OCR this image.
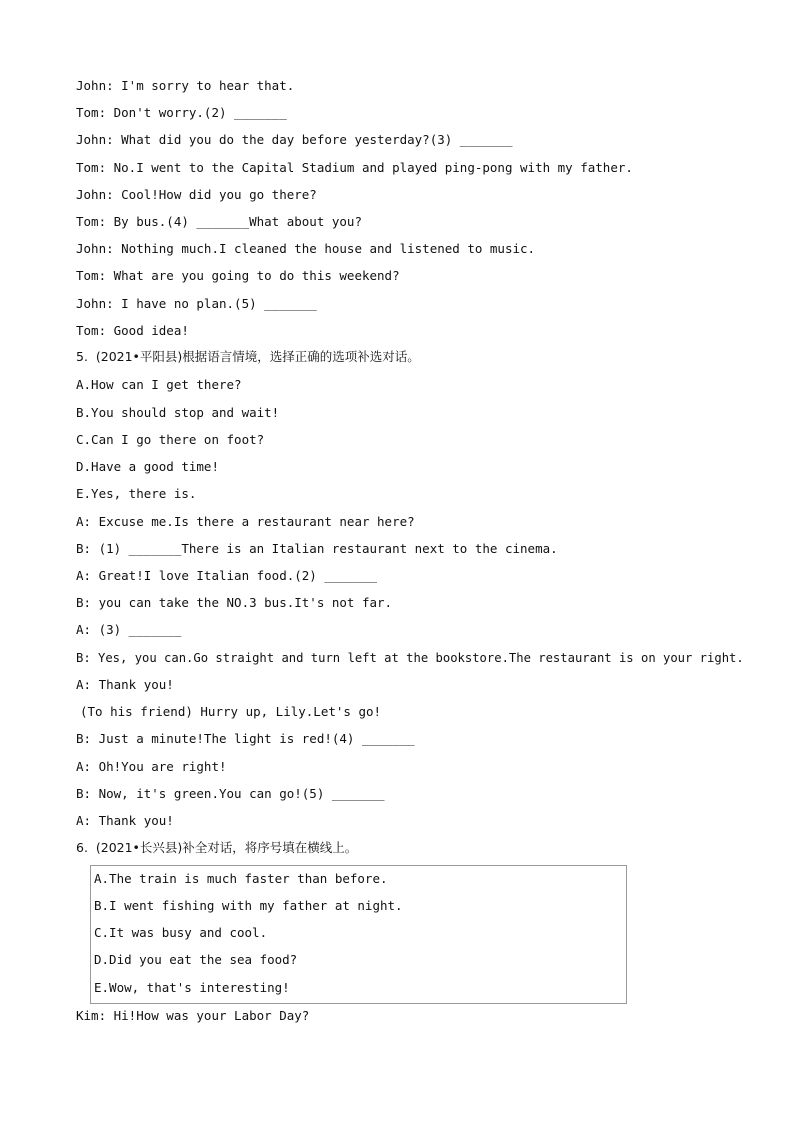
John: I'm sorry to hear that.
Tom: Don't worry.(2) _______
John: What did you do the day before yesterday?(3) _______
Tom: No.I went to the Capital Stadium and played ping-pong with my father.
John: Cool!How did you go there?
Tom: By bus.(4) _______What about you?
John: Nothing much.I cleaned the house and listened to music.
Tom: What are you going to do this weekend?
John: I have no plan.(5) _______
Tom: Good idea!
5.  (2021•平阳县)根据语言情境，选择正确的选项补选对话。
A.How can I get there?
B.You should stop and wait!
C.Can I go there on foot?
D.Have a good time!
E.Yes, there is.
A: Excuse me.Is there a restaurant near here?
B: (1) _______There is an Italian restaurant next to the cinema.
A: Great!I love Italian food.(2) _______
B: you can take the NO.3 bus.It's not far.
A: (3) _______
B: Yes, you can.Go straight and turn left at the bookstore.The restaurant is on your right.
A: Thank you!
(To his friend) Hurry up, Lily.Let's go!
B: Just a minute!The light is red!(4) _______
A: Oh!You are right!
B: Now, it's green.You can go!(5) _______
A: Thank you!
6.  (2021•长兴县)补全对话，将序号填在横线上。
A.The train is much faster than before.
B.I went fishing with my father at night.
C.It was busy and cool.
D.Did you eat the sea food?
E.Wow, that's interesting!
Kim: Hi!How was your Labor Day?
